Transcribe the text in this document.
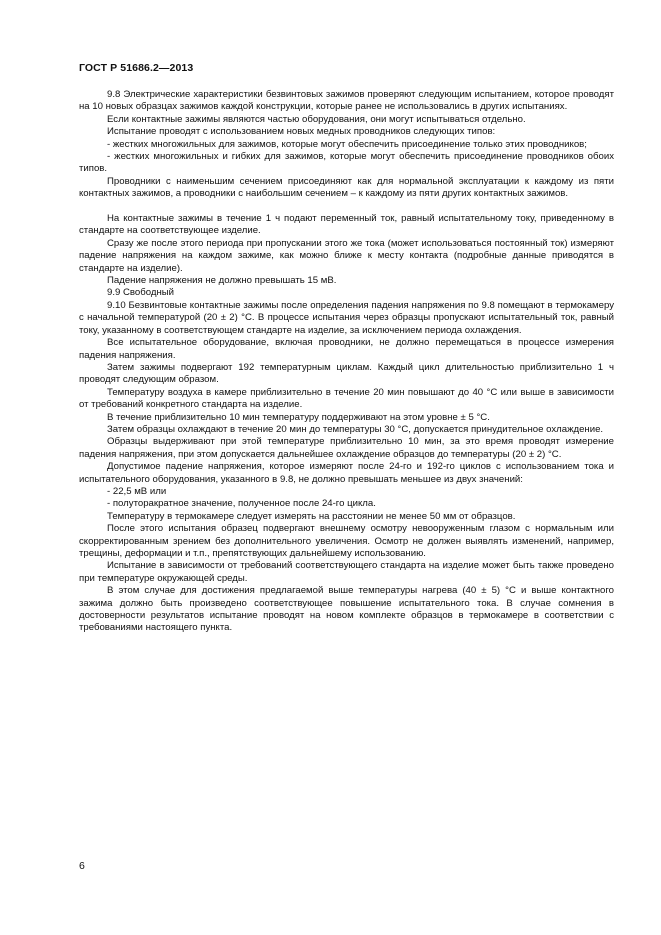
ГОСТ Р 51686.2—2013

9.8 Электрические характеристики безвинтовых зажимов проверяют следующим испытанием, которое проводят на 10 новых образцах зажимов каждой конструкции, которые ранее не использовались в других испытаниях.

Если контактные зажимы являются частью оборудования, они могут испытываться отдельно.

Испытание проводят с использованием новых медных проводников следующих типов:

- жестких многожильных для зажимов, которые могут обеспечить присоединение только этих проводников;

- жестких многожильных и гибких для зажимов, которые могут обеспечить присоединение проводников обоих типов.

Проводники с наименьшим сечением присоединяют как для нормальной эксплуатации к каждому из пяти контактных зажимов, а проводники с наибольшим сечением – к каждому из пяти других контактных зажимов.

На контактные зажимы в течение 1 ч подают переменный ток, равный испытательному току, приведенному в стандарте на соответствующее изделие.

Сразу же после этого периода при пропускании этого же тока (может использоваться постоянный ток) измеряют падение напряжения на каждом зажиме, как можно ближе к месту контакта (подробные данные приводятся в стандарте на изделие).

Падение напряжения не должно превышать 15 мВ.

9.9 Свободный

9.10 Безвинтовые контактные зажимы после определения падения напряжения по 9.8 помещают в термокамеру с начальной температурой (20 ± 2) °С. В процессе испытания через образцы пропускают испытательный ток, равный току, указанному в соответствующем стандарте на изделие, за исключением периода охлаждения.

Все испытательное оборудование, включая проводники, не должно перемещаться в процессе измерения падения напряжения.

Затем зажимы подвергают 192 температурным циклам. Каждый цикл длительностью приблизительно 1 ч проводят следующим образом.

Температуру воздуха в камере приблизительно в течение 20 мин повышают до 40 °С или выше в зависимости от требований конкретного стандарта на изделие.

В течение приблизительно 10 мин температуру поддерживают на этом уровне ± 5 °С.

Затем образцы охлаждают в течение 20 мин до температуры 30 °С, допускается принудительное охлаждение.

Образцы выдерживают при этой температуре приблизительно 10 мин, за это время проводят измерение падения напряжения, при этом допускается дальнейшее охлаждение образцов до температуры (20 ± 2) °С.

Допустимое падение напряжения, которое измеряют после 24-го и 192-го циклов с использованием тока и испытательного оборудования, указанного в 9.8, не должно превышать меньшее из двух значений:

- 22,5 мВ или

- полуторакратное значение, полученное после 24-го цикла.

Температуру в термокамере следует измерять на расстоянии не менее 50 мм от образцов.

После этого испытания образец подвергают внешнему осмотру невооруженным глазом с нормальным или скорректированным зрением без дополнительного увеличения. Осмотр не должен выявлять изменений, например, трещины, деформации и т.п., препятствующих дальнейшему использованию.

Испытание в зависимости от требований соответствующего стандарта на изделие может быть также проведено при температуре окружающей среды.

В этом случае для достижения предлагаемой выше температуры нагрева (40 ± 5) °С и выше контактного зажима должно быть произведено соответствующее повышение испытательного тока. В случае сомнения в достоверности результатов испытание проводят на новом комплекте образцов в термокамере в соответствии с требованиями настоящего пункта.

6
